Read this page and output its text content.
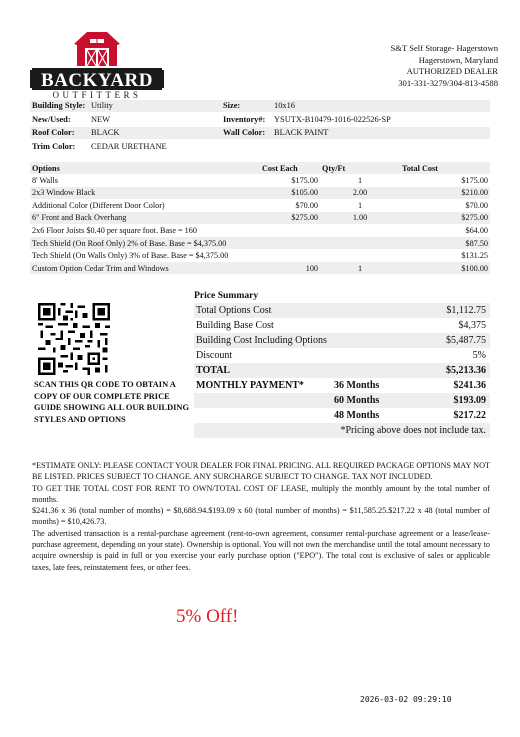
BACKYARD
OUTFITTERS
S&T Self Storage- Hagerstown
Hagerstown, Maryland
AUTHORIZED DEALER
301-331-3279/304-813-4588
Building Style: Utility	Size:	10x16
New/Used: NEW	Inventory#: YSUTX-B10479-1016-022526-SP
Roof Color: BLACK	Wall Color: BLACK PAINT
Trim Color: CEDAR URETHANE
Options	Cost Each	Qty/Ft	Total Cost
8' Walls	$175.00	1	$175.00
2x3 Window Black	$105.00	2.00	$210.00
Additional Color (Different Door Color)	$70.00	1	$70.00
6" Front and Back Overhang	$275.00	1.00	$275.00
2x6 Floor Joists $0.40 per square foot. Base = 160			$64.00
Tech Shield (On Roof Only) 2% of Base. Base = $4,375.00			$87.50
Tech Shield (On Walls Only) 3% of Base. Base = $4,375.00			$131.25
Custom Option Cedar Trim and Windows	100	1	$100.00
SCAN THIS QR CODE TO OBTAIN A COPY OF OUR COMPLETE PRICE GUIDE SHOWING ALL OUR BUILDING STYLES AND OPTIONS
Price Summary
Total Options Cost	$1,112.75
Building Base Cost	$4,375
Building Cost Including Options	$5,487.75
Discount	5%
TOTAL	$5,213.36
MONTHLY PAYMENT*	36 Months	$241.36
60 Months	$193.09
48 Months	$217.22
*Pricing above does not include tax.

*ESTIMATE ONLY: PLEASE CONTACT YOUR DEALER FOR FINAL PRICING. ALL REQUIRED PACKAGE OPTIONS MAY NOT BE LISTED. PRICES SUBJECT TO CHANGE. ANY SURCHARGE SUBJECT TO CHANGE. TAX NOT INCLUDED.

TO GET THE TOTAL COST FOR RENT TO OWN/TOTAL COST OF LEASE, multiply the monthly amount by the total number of months.

$241.36 x 36 (total number of months) = $8,688.94.$193.09 x 60 (total number of months) = $11,585.25.$217.22 x 48 (total number of months) = $10,426.73.

The advertised transaction is a rental-purchase agreement (rent-to-own agreement, consumer rental-purchase agreement or a lease/lease-purchase agreement, depending on your state). Ownership is optional. You will not own the merchandise until the total amount necessary to acquire ownership is paid in full or you exercise your early purchase option ("EPO"). The total cost is exclusive of sales or applicable taxes, late fees, reinstatement fees, or other fees.

5% Off!
2026-03-02 09:29:10
